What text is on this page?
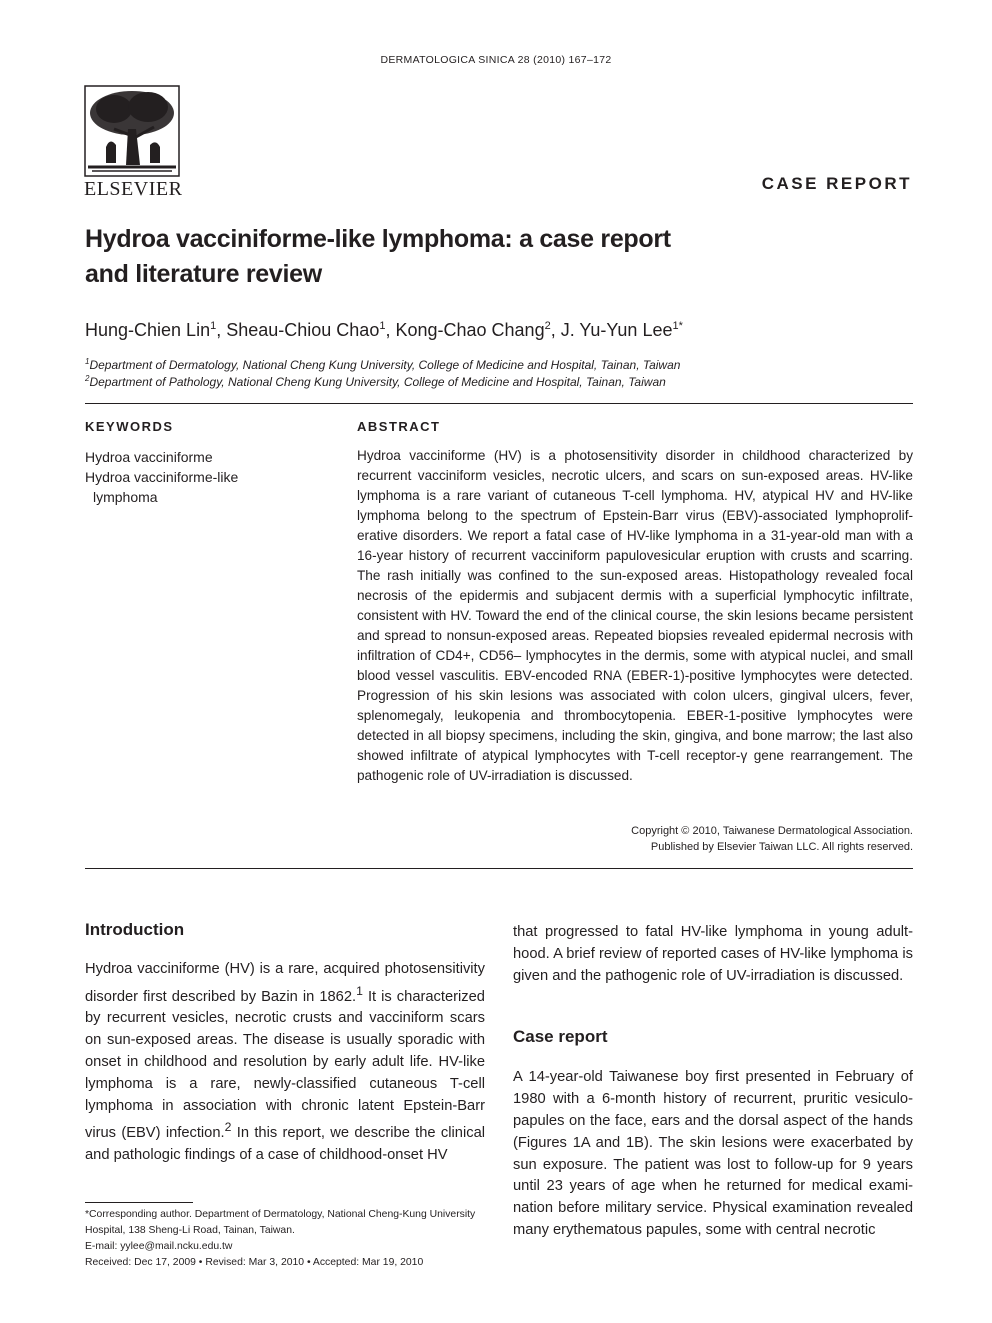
DERMATOLOGICA SINICA 28 (2010) 167–172
ELSEVIER	CASE REPORT
Hydroa vacciniforme-like lymphoma: a case report
and literature review
Hung-Chien Lin$^1$, Sheau-Chiou Chao$^1$, Kong-Chao Chang$^2$, J. Yu-Yun Lee$^{1*}$
$^1$Department of Dermatology, National Cheng Kung University, College of Medicine and Hospital, Tainan, Taiwan
$^2$Department of Pathology, National Cheng Kung University, College of Medicine and Hospital, Tainan, Taiwan
KEYWORDS
Hydroa vacciniforme
Hydroa vacciniforme-like
lymphoma
ABSTRACT
Hydroa vacciniforme (HV) is a photosensitivity disorder in childhood characterized by recurrent vacciniform vesicles, necrotic ulcers, and scars on sun-exposed areas. HV-like lymphoma is a rare variant of cutaneous T-cell lymphoma. HV, atypical HV and HV-like lymphoma belong to the spectrum of Epstein-Barr virus (EBV)-associated lymphoproliferative disorders. We report a fatal case of HV-like lymphoma in a 31-year-old man with a 16-year history of recurrent vacciniform papulovesicular eruption with crusts and scarring. The rash initially was confined to the sun-exposed areas. Histopathology revealed focal necrosis of the epidermis and subjacent dermis with a superficial lymphocytic infiltrate, consistent with HV. Toward the end of the clinical course, the skin lesions became persistent and spread to nonsun-exposed areas. Repeated biopsies revealed epidermal necrosis with infiltration of CD4+, CD56– lymphocytes in the dermis, some with atypical nuclei, and small blood vessel vasculitis. EBV-encoded RNA (EBER-1)-positive lymphocytes were detected. Progression of his skin lesions was associated with colon ulcers, gingival ulcers, fever, splenomegaly, leukopenia and thrombocytopenia. EBER-1-positive lymphocytes were detected in all biopsy specimens, including the skin, gingiva, and bone marrow; the last also showed infiltrate of atypical lymphocytes with T-cell receptor-γ gene rearrangement. The pathogenic role of UV-irradiation is discussed.
Copyright © 2010, Taiwanese Dermatological Association.
Published by Elsevier Taiwan LLC. All rights reserved.
Introduction

Hydroa vacciniforme (HV) is a rare, acquired photosensitivity disorder first described by Bazin in 1862.$^1$ It is characterized by recurrent vesicles, necrotic crusts and vacciniform scars on sun-exposed areas. The disease is usually sporadic with onset in childhood and resolution by early adult life. HV-like lymphoma is a rare, newly-classified cutaneous T-cell lymphoma in association with chronic latent Epstein-Barr virus (EBV) infection.$^2$ In this report, we describe the clinical and pathologic findings of a case of childhood-onset HV

that progressed to fatal HV-like lymphoma in young adulthood. A brief review of reported cases of HV-like lymphoma is given and the pathogenic role of UV-irradiation is discussed.

Case report

A 14-year-old Taiwanese boy first presented in February of 1980 with a 6-month history of recurrent, pruritic vesiculopapules on the face, ears and the dorsal aspect of the hands (Figures 1A and 1B). The skin lesions were exacerbated by sun exposure. The patient was lost to follow-up for 9 years until 23 years of age when he returned for medical examination before military service. Physical examination revealed many erythematous papules, some with central necrotic

*Corresponding author. Department of Dermatology, National Cheng-Kung University Hospital, 138 Sheng-Li Road, Tainan, Taiwan.
E-mail: yylee@mail.ncku.edu.tw
Received: Dec 17, 2009 • Revised: Mar 3, 2010 • Accepted: Mar 19, 2010
